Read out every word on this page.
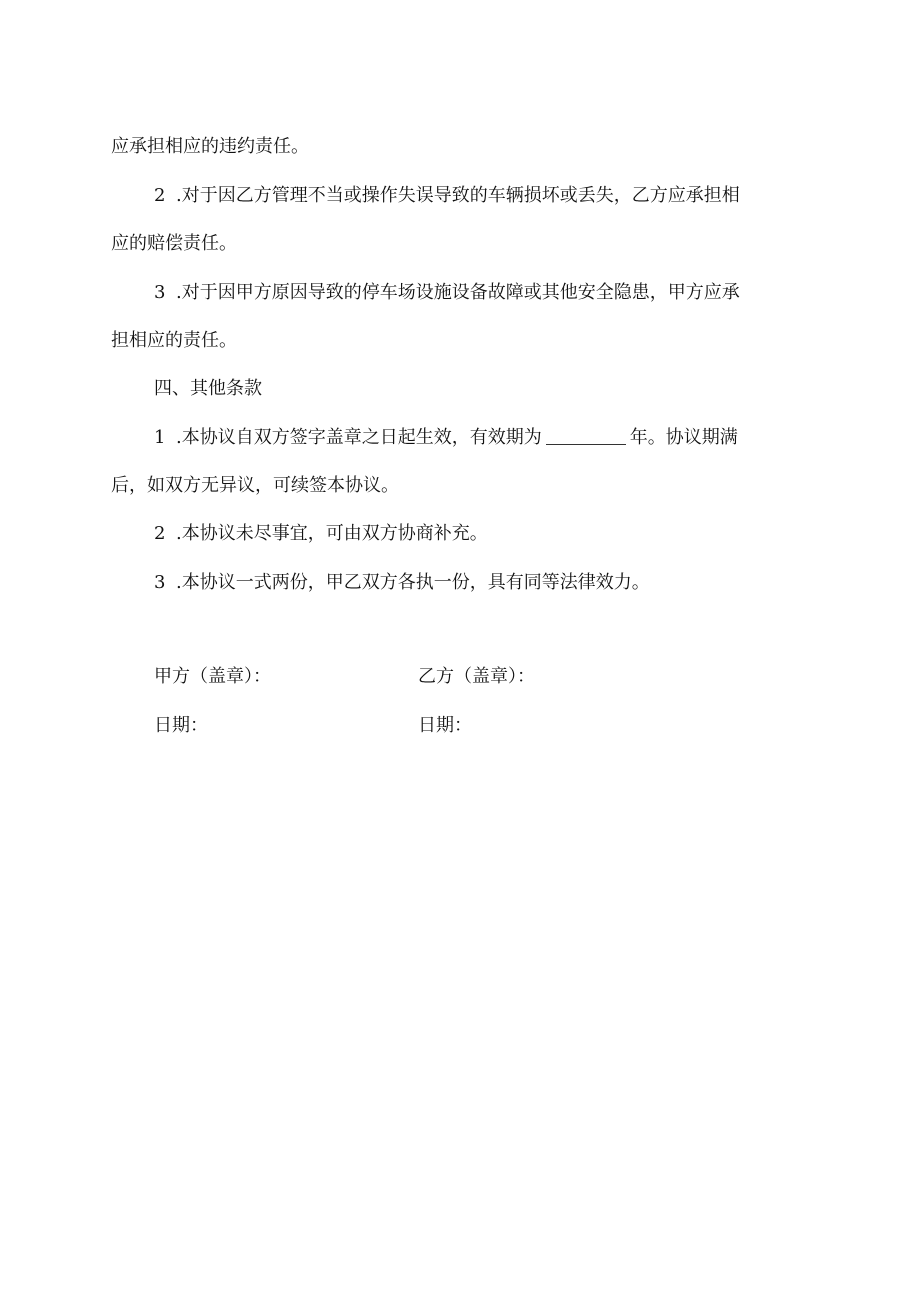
应承担相应的违约责任。
2 .对于因乙方管理不当或操作失误导致的车辆损坏或丢失，乙方应承担相
应的赔偿责任。
3 .对于因甲方原因导致的停车场设施设备故障或其他安全隐患，甲方应承
担相应的责任。
四、其他条款
1 .本协议自双方签字盖章之日起生效，有效期为	年。协议期满
后，如双方无异议，可续签本协议。
2 .本协议未尽事宜，可由双方协商补充。
3 .本协议一式两份，甲乙双方各执一份，具有同等法律效力。
甲方（盖章）：	乙方（盖章）：
日期：	日期：
